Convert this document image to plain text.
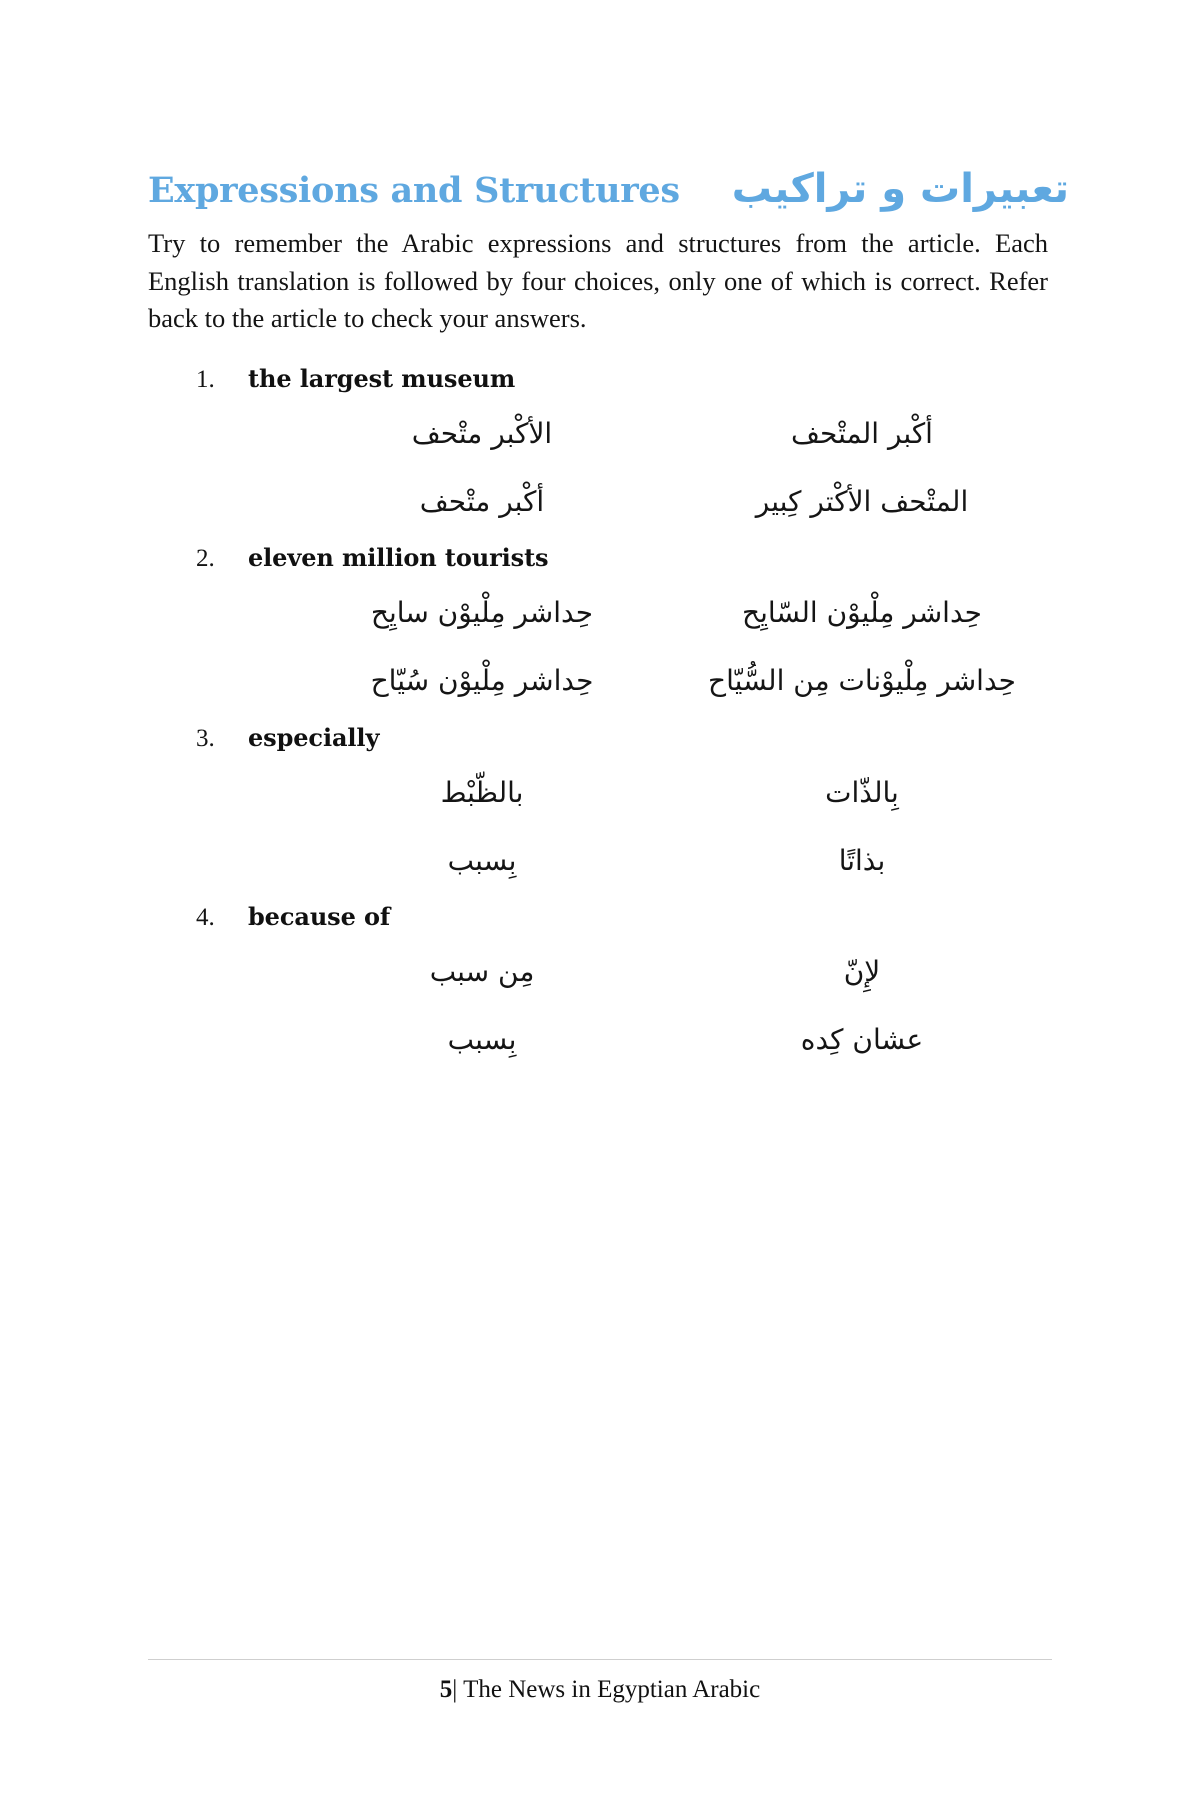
Expressions and Structures تعبيرات و تراكيب

Try to remember the Arabic expressions and structures from the article. Each English translation is followed by four choices, only one of which is correct. Refer back to the article to check your answers.

1.	the largest museum
أكبر المتحف
الأكبر متحف
المتحف الأكتر كبير
أكبر متحف
2.	eleven million tourists
حداشر مليون السايح
حداشر مليون سايح
حداشر مليونات من السياح
حداشر مليون سياح
3.	especially
بالذات
بالظبط
بذاتا
بسبب
4.	because of
لإن
من سبب
عشان كده
بسبب
5| The News in Egyptian Arabic
